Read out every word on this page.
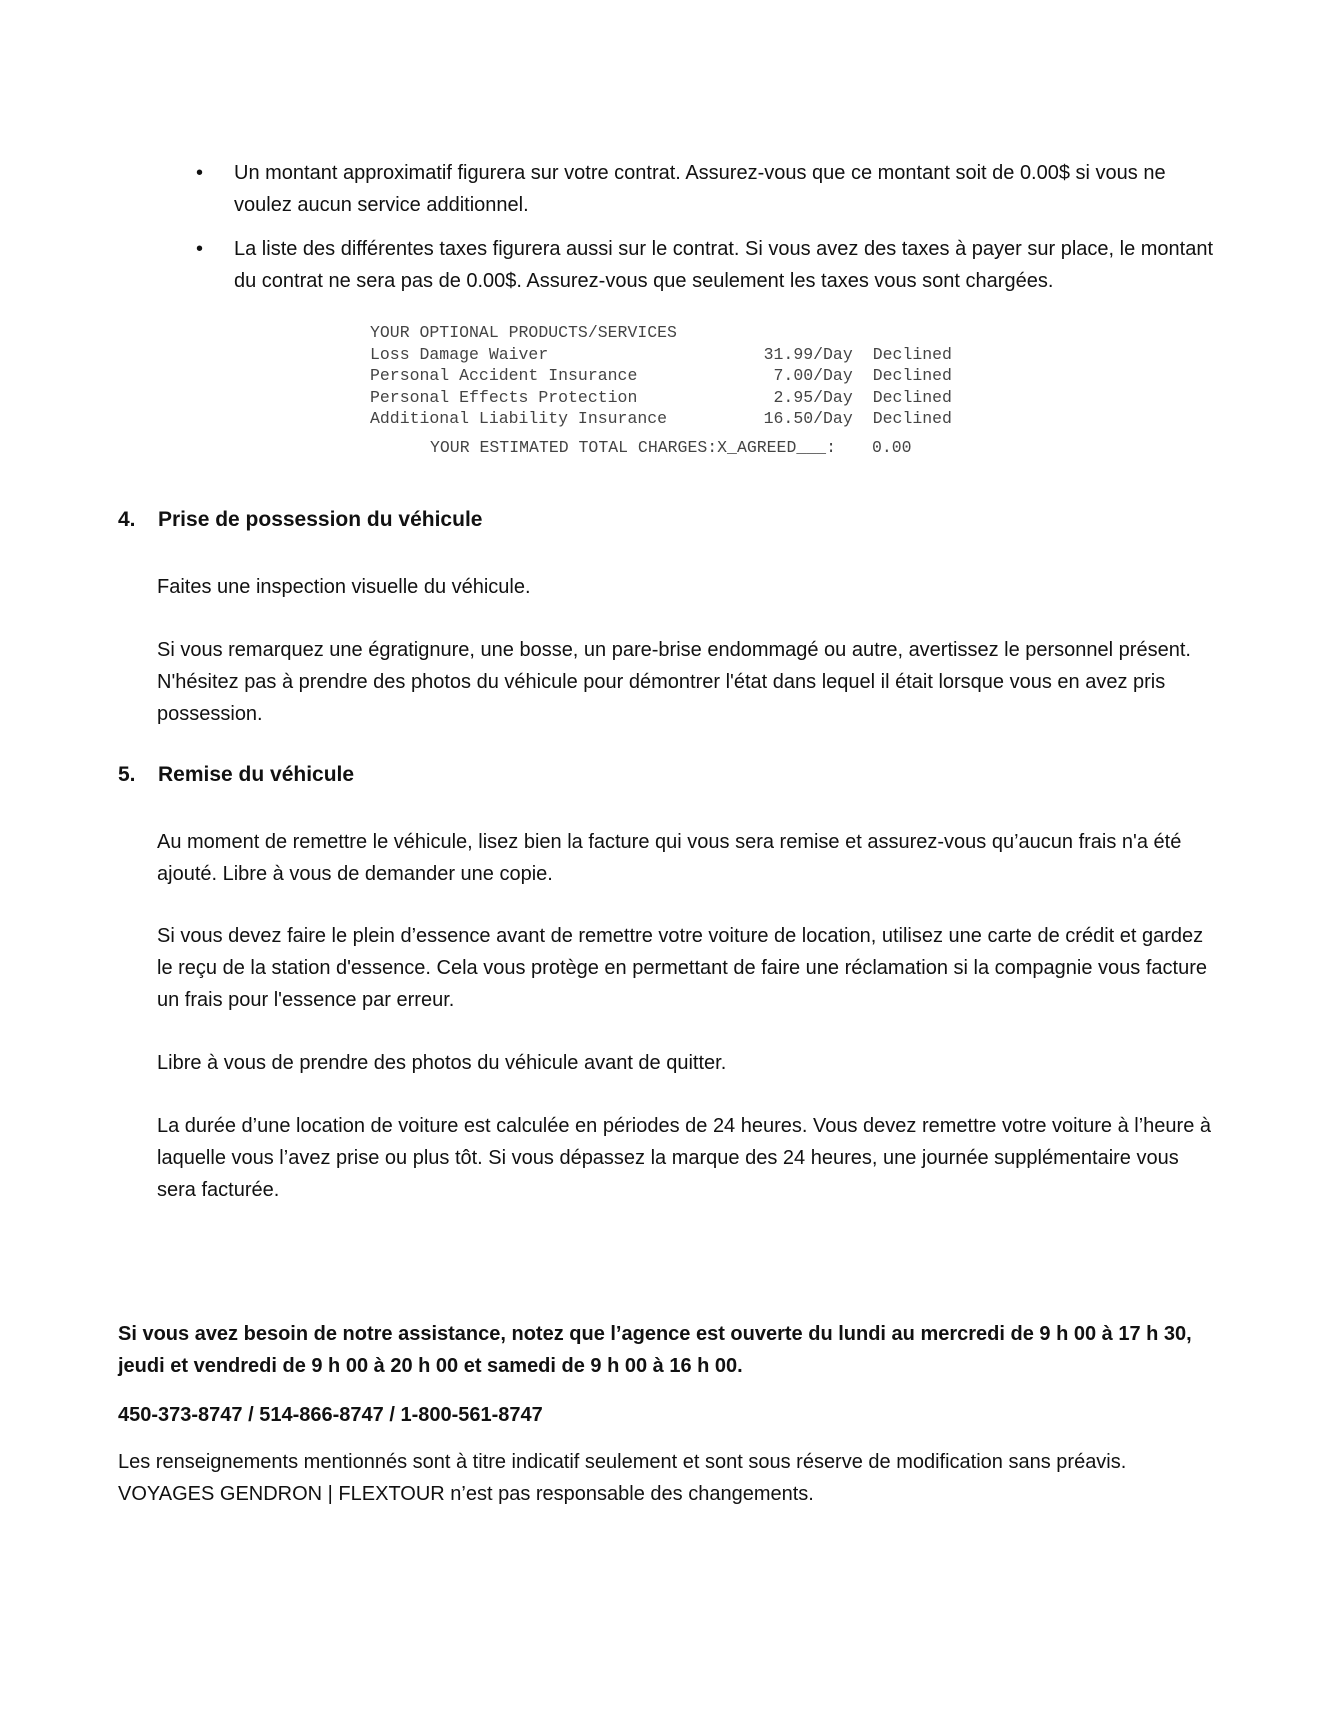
• Un montant approximatif figurera sur votre contrat. Assurez-vous que ce montant soit de 0.00$ si vous ne voulez aucun service additionnel.
• La liste des différentes taxes figurera aussi sur le contrat. Si vous avez des taxes à payer sur place, le montant du contrat ne sera pas de 0.00$. Assurez-vous que seulement les taxes vous sont chargées.
YOUR OPTIONAL PRODUCTS/SERVICES
Loss Damage Waiver	31.99/Day	Declined
Personal Accident Insurance	7.00/Day	Declined
Personal Effects Protection	2.95/Day	Declined
Additional Liability Insurance	16.50/Day	Declined
YOUR ESTIMATED TOTAL CHARGES:X_AGREED___: 0.00
4. Prise de possession du véhicule

Faites une inspection visuelle du véhicule.

Si vous remarquez une égratignure, une bosse, un pare-brise endommagé ou autre, avertissez le personnel présent. N'hésitez pas à prendre des photos du véhicule pour démontrer l'état dans lequel il était lorsque vous en avez pris possession.

5. Remise du véhicule

Au moment de remettre le véhicule, lisez bien la facture qui vous sera remise et assurez-vous qu’aucun frais n'a été ajouté. Libre à vous de demander une copie.

Si vous devez faire le plein d’essence avant de remettre votre voiture de location, utilisez une carte de crédit et gardez le reçu de la station d'essence. Cela vous protège en permettant de faire une réclamation si la compagnie vous facture un frais pour l'essence par erreur.

Libre à vous de prendre des photos du véhicule avant de quitter.

La durée d’une location de voiture est calculée en périodes de 24 heures. Vous devez remettre votre voiture à l’heure à laquelle vous l’avez prise ou plus tôt. Si vous dépassez la marque des 24 heures, une journée supplémentaire vous sera facturée.

Si vous avez besoin de notre assistance, notez que l’agence est ouverte du lundi au mercredi de 9 h 00 à 17 h 30, jeudi et vendredi de 9 h 00 à 20 h 00 et samedi de 9 h 00 à 16 h 00.

450-373-8747 / 514-866-8747 / 1-800-561-8747

Les renseignements mentionnés sont à titre indicatif seulement et sont sous réserve de modification sans préavis. VOYAGES GENDRON | FLEXTOUR n’est pas responsable des changements.
